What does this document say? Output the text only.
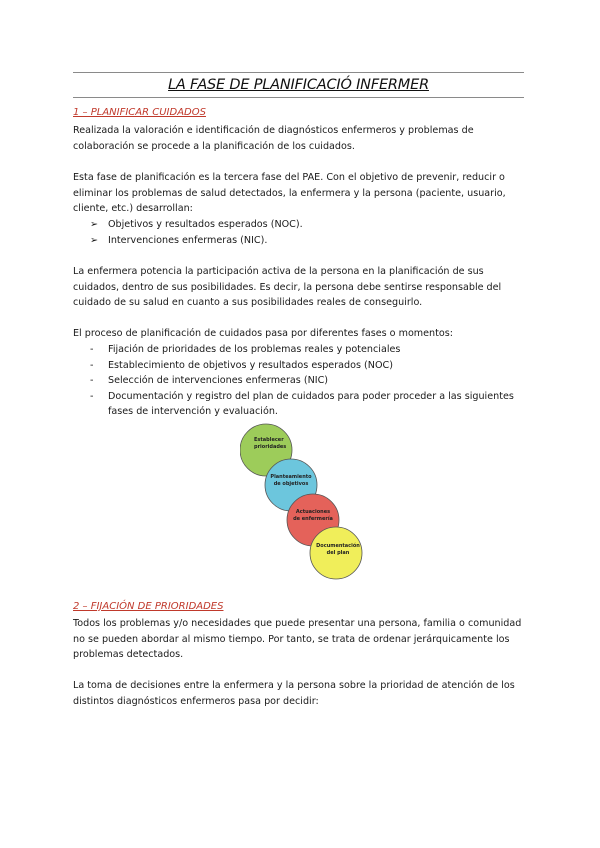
LA FASE DE PLANIFICACIÓ INFERMER
1 – PLANIFICAR CUIDADOS

Realizada la valoración e identificación de diagnósticos enfermeros y problemas de colaboración se procede a la planificación de los cuidados.

Esta fase de planificación es la tercera fase del PAE. Con el objetivo de prevenir, reducir o eliminar los problemas de salud detectados, la enfermera y la persona (paciente, usuario, cliente, etc.) desarrollan:

➢ Objetivos y resultados esperados (NOC).
➢ Intervenciones enfermeras (NIC).

La enfermera potencia la participación activa de la persona en la planificación de sus cuidados, dentro de sus posibilidades. Es decir, la persona debe sentirse responsable del cuidado de su salud en cuanto a sus posibilidades reales de conseguirlo.

El proceso de planificación de cuidados pasa por diferentes fases o momentos:

- Fijación de prioridades de los problemas reales y potenciales
- Establecimiento de objetivos y resultados esperados (NOC)
- Selección de intervenciones enfermeras (NIC)
- Documentación y registro del plan de cuidados para poder proceder a las siguientes fases de intervención y evaluación.
Establecer
prioridades
Planteamiento
de objetivos
Actuaciones
de enfermería
Documentación
del plan
2 – FIJACIÓN DE PRIORIDADES

Todos los problemas y/o necesidades que puede presentar una persona, familia o comunidad no se pueden abordar al mismo tiempo. Por tanto, se trata de ordenar jerárquicamente los problemas detectados.

La toma de decisiones entre la enfermera y la persona sobre la prioridad de atención de los distintos diagnósticos enfermeros pasa por decidir:
